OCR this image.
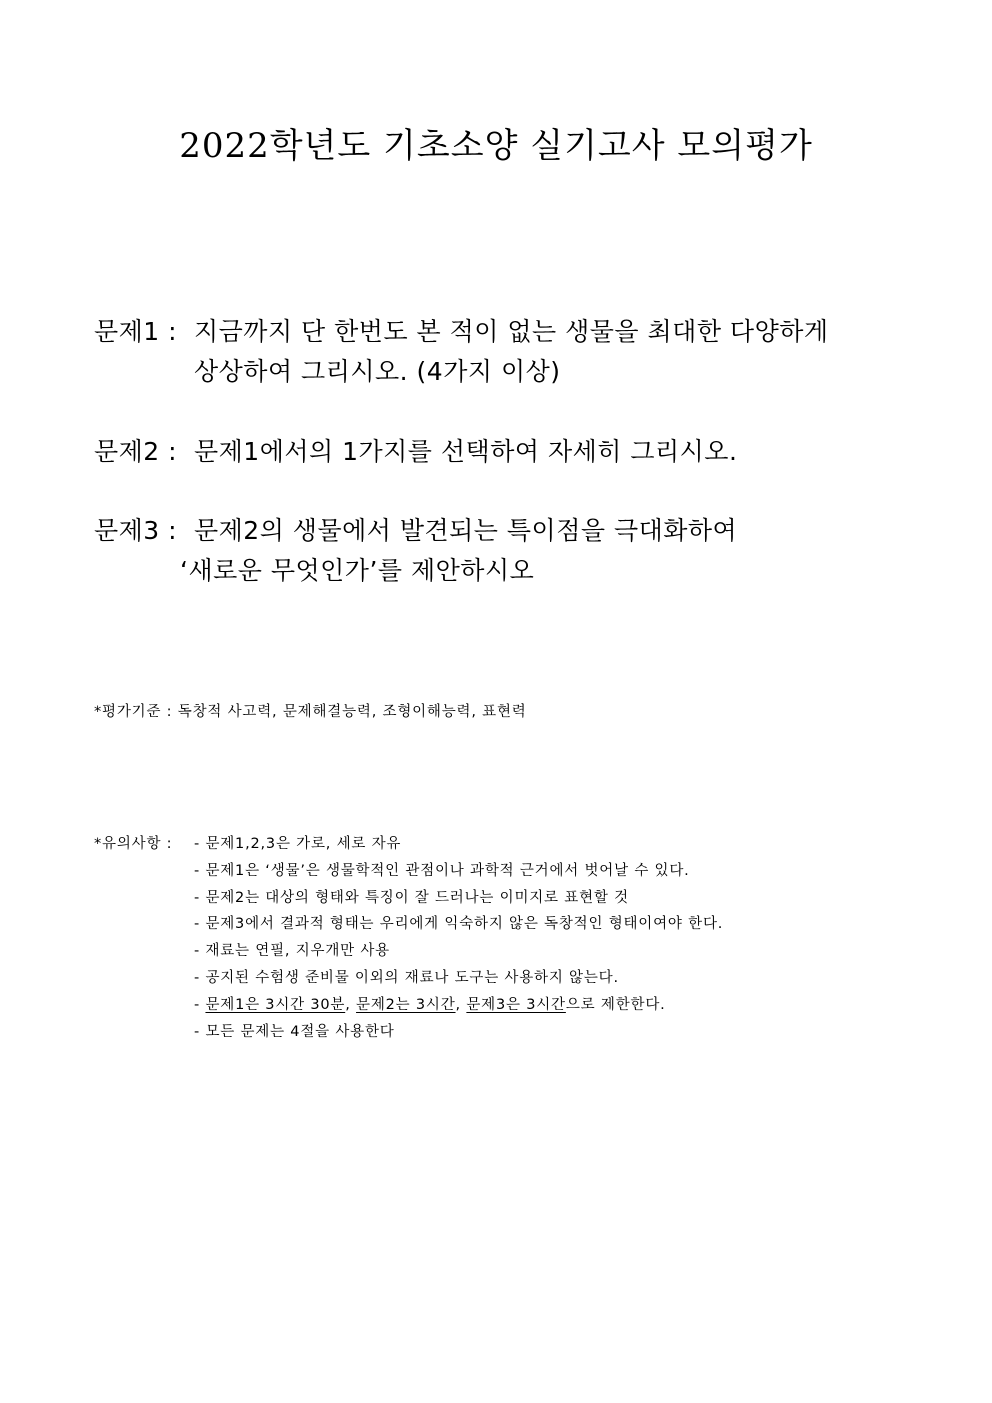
2022학년도 기초소양 실기고사 모의평가
문제1 : 지금까지 단 한번도 본 적이 없는 생물을 최대한 다양하게
상상하여 그리시오. (4가지 이상)
문제2 : 문제1에서의 1가지를 선택하여 자세히 그리시오.
문제3 : 문제2의 생물에서 발견되는 특이점을 극대화하여
‘새로운 무엇인가’를 제안하시오
*평가기준 : 독창적 사고력, 문제해결능력, 조형이해능력, 표현력
*유의사항 : - 문제1,2,3은 가로, 세로 자유
- 문제1은 ‘생물’은 생물학적인 관점이나 과학적 근거에서 벗어날 수 있다.
- 문제2는 대상의 형태와 특징이 잘 드러나는 이미지로 표현할 것
- 문제3에서 결과적 형태는 우리에게 익숙하지 않은 독창적인 형태이여야 한다.
- 재료는 연필, 지우개만 사용
- 공지된 수험생 준비물 이외의 재료나 도구는 사용하지 않는다.
- 문제1은 3시간 30분, 문제2는 3시간, 문제3은 3시간으로 제한한다.
- 모든 문제는 4절을 사용한다
